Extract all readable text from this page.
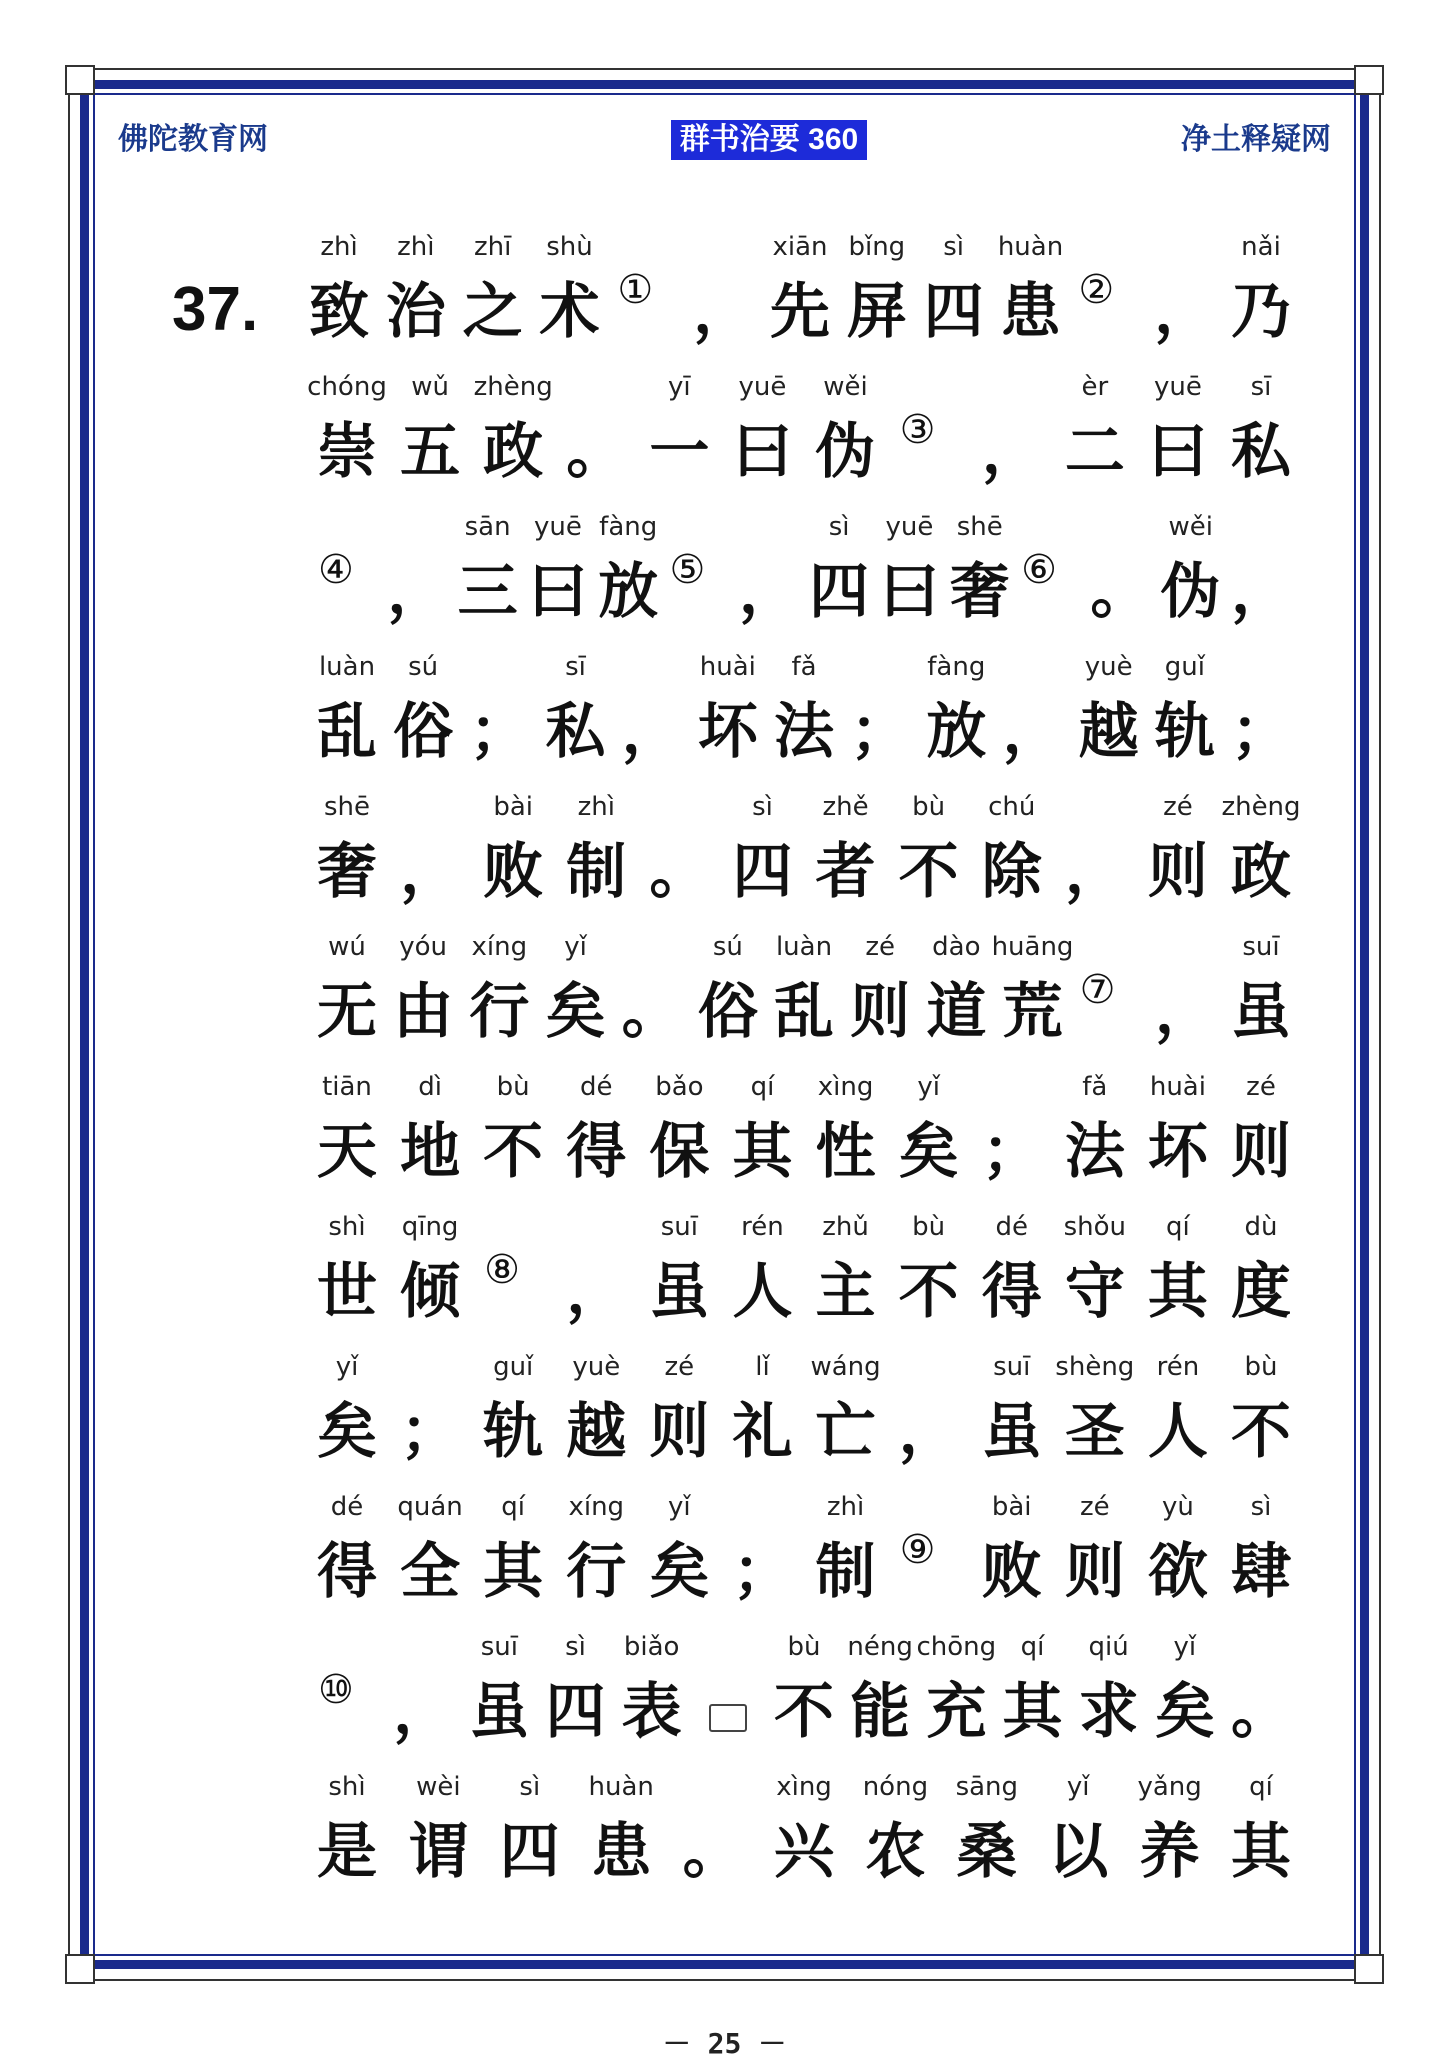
佛陀教育网	群书治要 360	净土释疑网
37.
zhì
致
zhì
治
zhī
之
shù
术 ① ，
xiān
先
bǐng
屏
sì
四
huàn
患 ② ，
nǎi
乃
chóng
崇
wǔ
五
zhèng
政 。
yī
一
yuē
曰
wěi
伪 ③ ，
èr
二
yuē
曰
sī
私
④ ，
sān
三
yuē
曰
fàng
放 ⑤ ，
sì
四
yuē
曰
shē
奢 ⑥ 。
wěi
伪 ，
luàn
乱
sú
俗 ；
sī
私 ，
huài
坏
fǎ
法 ；
fàng
放 ，
yuè
越
guǐ
轨 ；
shē
奢 ，
bài
败
zhì
制 。
sì
四
zhě
者
bù
不
chú
除 ，
zé
则
zhèng
政
wú
无
yóu
由
xíng
行
yǐ
矣 。
sú
俗
luàn
乱
zé
则
dào
道
huāng
荒 ⑦ ，
suī
虽
tiān
天
dì
地
bù
不
dé
得
bǎo
保
qí
其
xìng
性
yǐ
矣 ；
fǎ
法
huài
坏
zé
则
shì
世
qīng
倾 ⑧ ，
suī
虽
rén
人
zhǔ
主
bù
不
dé
得
shǒu
守
qí
其
dù
度
yǐ
矣 ；
guǐ
轨
yuè
越
zé
则
lǐ
礼
wáng
亡 ，
suī
虽
shèng
圣
rén
人
bù
不
dé
得
quán
全
qí
其
xíng
行
yǐ
矣 ；
zhì
制 ⑨
bài
败
zé
则
yù
欲
sì
肆
⑩ ，
suī
虽
sì
四
biǎo
表
bù
不
néng
能
chōng
充
qí
其
qiú
求
yǐ
矣 。
shì
是
wèi
谓
sì
四
huàn
患 。
xìng
兴
nóng
农
sāng
桑
yǐ
以
yǎng
养
qí
其
－ 25 －
